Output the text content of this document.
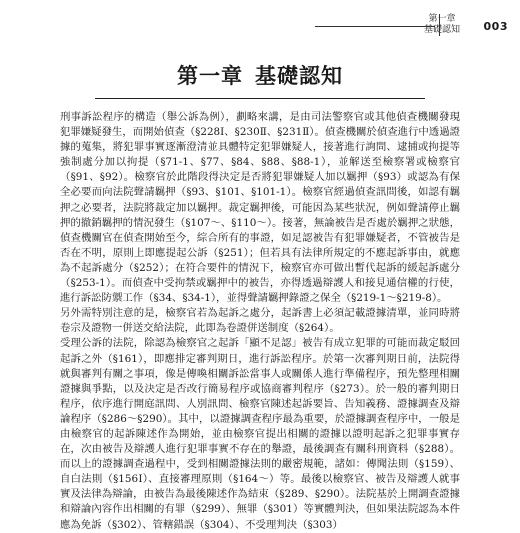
第一章
基礎認知 003
第一章 基礎認知

刑事訴訟程序的構造（舉公訴為例），劃略來講，是由司法警察官或其他偵查機關發現犯罪嫌疑發生，而開始偵查（§228Ⅰ、§230Ⅱ、§231Ⅱ）。偵查機關於偵查進行中透過證據的蒐集，將犯罪事實逐漸澄清並具體特定犯罪嫌疑人，接著進行詢問、逮捕或拘提等強制處分加以拘提（§71-1、§77、§84、§88、§88-1），並解送至檢察署或檢察官（§91、§92）。檢察官於此階段得決定是否將犯罪嫌疑人加以羈押（§93）或認為有保全必要而向法院聲請羈押（§93、§101、§101-1）。檢察官經過偵查訊問後，如認有羈押之必要者，法院將裁定加以羈押。裁定羈押後，可能因為某些狀況，例如聲請停止羈押的撤銷羈押的情況發生（§107～、§110～）。接著，無論被告是否處於羈押之狀態，偵查機關官在偵查開始至今，綜合所有的事證，如足認被告有犯罪嫌疑者，不管被告是否在不明，原則上即應提起公訴（§251）；但若具有法律所規定的不應起訴事由，就應為不起訴處分（§252）；在符合要件的情況下，檢察官亦可做出暫代起訴的緩起訴處分（§253-1）。而偵查中受拘禁或羈押中的被告，亦得透過辯護人和接見通信權的行使，進行訴訟防禦工作（§34、§34-1），並得聲請羈押錄證之保全（§219-1～§219-8）。

另外需特別注意的是，檢察官若為起訴之處分，起訴書上必須記載證據清單，並同時將卷宗及證物一併送交給法院，此即為卷證併送制度（§264）。

受理公訴的法院，除認為檢察官之起訴「顯不足認」被告有成立犯罪的可能而裁定駁回起訴之外（§161），即應排定審判期日，進行訴訟程序。於第一次審判期日前，法院得就與審判有關之事項，像是傳喚相關訴訟當事人或關係人進行準備程序，預先整理相關證據與爭點，以及決定是否改行簡易程序或協商審判程序（§273）。於一般的審判期日程序，依序進行開庭訊問、人別訊問、檢察官陳述起訴要旨、告知義務、證據調查及辯論程序（§286～§290）。其中，以證據調查程序最為重要，於證據調查程序中，一般是由檢察官的起訴陳述作為開始，並由檢察官提出相關的證據以證明起訴之犯罪事實存在，次由被告及辯護人進行犯罪事實不存在的舉證，最後調查有關科刑資料（§288）。而以上的證據調查過程中，受到相關證據法則的嚴密規範，諸如：傳聞法則（§159）、自白法則（§156Ⅰ）、直接審理原則（§164～）等。最後以檢察官、被告及辯護人就事實及法律為辯論，由被告為最後陳述作為結束（§289、§290）。法院基於上開調查證據和辯論內容作出相關的有罪（§299）、無罪（§301）等實體判決，但如果法院認為本件應為免訴（§302）、管轄錯誤（§304）、不受理判決（§303）
